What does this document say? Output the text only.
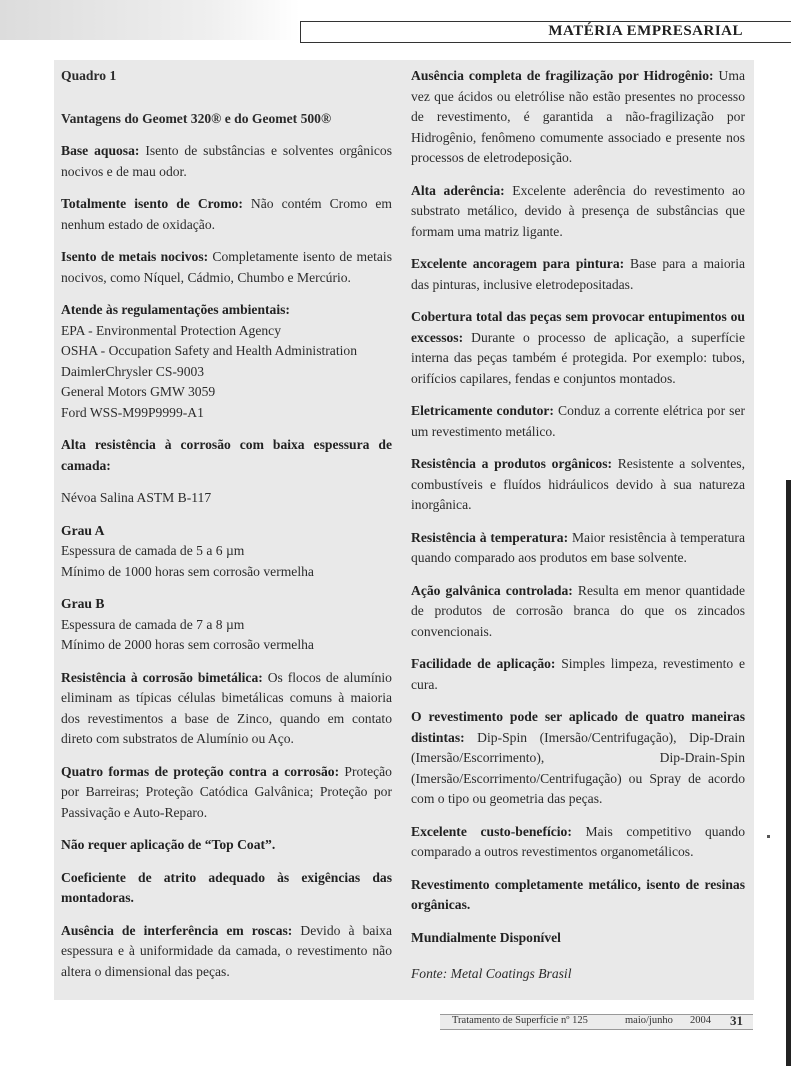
MATÉRIA EMPRESARIAL

Quadro 1

Vantagens do Geomet 320® e do Geomet 500®

Base aquosa: Isento de substâncias e solventes orgânicos nocivos e de mau odor.

Totalmente isento de Cromo: Não contém Cromo em nenhum estado de oxidação.

Isento de metais nocivos: Completamente isento de metais nocivos, como Níquel, Cádmio, Chumbo e Mercúrio.

Atende às regulamentações ambientais:
EPA - Environmental Protection Agency
OSHA - Occupation Safety and Health Administration
DaimlerChrysler CS-9003
General Motors GMW 3059
Ford WSS-M99P9999-A1

Alta resistência à corrosão com baixa espessura de camada:

Névoa Salina ASTM B-117

Grau A
Espessura de camada de 5 a 6 µm
Mínimo de 1000 horas sem corrosão vermelha

Grau B
Espessura de camada de 7 a 8 µm
Mínimo de 2000 horas sem corrosão vermelha

Resistência à corrosão bimetálica: Os flocos de alumínio eliminam as típicas células bimetálicas comuns à maioria dos revestimentos a base de Zinco, quando em contato direto com substratos de Alumínio ou Aço.

Quatro formas de proteção contra a corrosão: Proteção por Barreiras; Proteção Catódica Galvânica; Proteção por Passivação e Auto-Reparo.

Não requer aplicação de “Top Coat”.

Coeficiente de atrito adequado às exigências das montadoras.

Ausência de interferência em roscas: Devido à baixa espessura e à uniformidade da camada, o revestimento não altera o dimensional das peças.

Ausência completa de fragilização por Hidrogênio: Uma vez que ácidos ou eletrólise não estão presentes no processo de revestimento, é garantida a não-fragilização por Hidrogênio, fenômeno comumente associado e presente nos processos de eletrodeposição.

Alta aderência: Excelente aderência do revestimento ao substrato metálico, devido à presença de substâncias que formam uma matriz ligante.

Excelente ancoragem para pintura: Base para a maioria das pinturas, inclusive eletrodepositadas.

Cobertura total das peças sem provocar entupimentos ou excessos: Durante o processo de aplicação, a superfície interna das peças também é protegida. Por exemplo: tubos, orifícios capilares, fendas e conjuntos montados.

Eletricamente condutor: Conduz a corrente elétrica por ser um revestimento metálico.

Resistência a produtos orgânicos: Resistente a solventes, combustíveis e fluídos hidráulicos devido à sua natureza inorgânica.

Resistência à temperatura: Maior resistência à temperatura quando comparado aos produtos em base solvente.

Ação galvânica controlada: Resulta em menor quantidade de produtos de corrosão branca do que os zincados convencionais.

Facilidade de aplicação: Simples limpeza, revestimento e cura.

O revestimento pode ser aplicado de quatro maneiras distintas: Dip-Spin (Imersão/Centrifugação), Dip-Drain (Imersão/Escorrimento), Dip-Drain-Spin (Imersão/Escorrimento/Centrifugação) ou Spray de acordo com o tipo ou geometria das peças.

Excelente custo-benefício: Mais competitivo quando comparado a outros revestimentos organometálicos.

Revestimento completamente metálico, isento de resinas orgânicas.

Mundialmente Disponível

Fonte: Metal Coatings Brasil

Tratamento de Superfície nº 125	maio/junho 2004 31
